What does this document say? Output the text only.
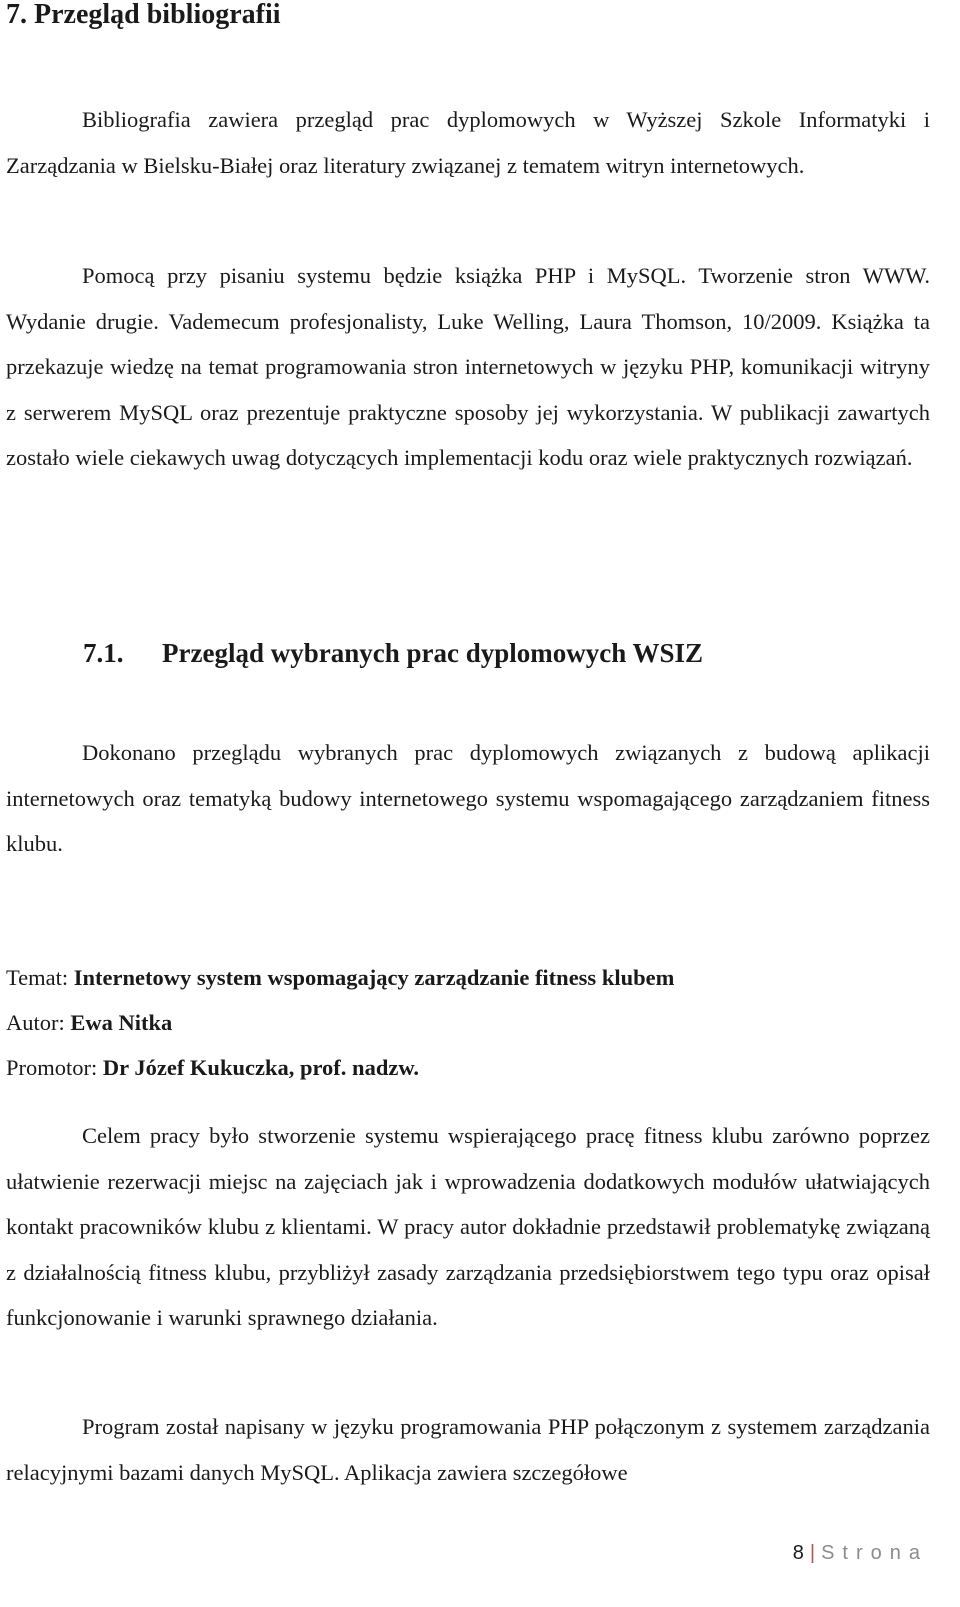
7. Przegląd bibliografii

Bibliografia zawiera przegląd prac dyplomowych w Wyższej Szkole Informatyki i Zarządzania w Bielsku-Białej oraz literatury związanej z tematem witryn internetowych.

Pomocą przy pisaniu systemu będzie książka PHP i MySQL. Tworzenie stron WWW. Wydanie drugie. Vademecum profesjonalisty, Luke Welling, Laura Thomson, 10/2009. Książka ta przekazuje wiedzę na temat programowania stron internetowych w języku PHP, komunikacji witryny z serwerem MySQL oraz prezentuje praktyczne sposoby jej wykorzystania. W publikacji zawartych zostało wiele ciekawych uwag dotyczących implementacji kodu oraz wiele praktycznych rozwiązań.

7.1. Przegląd wybranych prac dyplomowych WSIZ

Dokonano przeglądu wybranych prac dyplomowych związanych z budową aplikacji internetowych oraz tematyką budowy internetowego systemu wspomagającego zarządzaniem fitness klubu.

Temat: Internetowy system wspomagający zarządzanie fitness klubem
Autor: Ewa Nitka
Promotor: Dr Józef Kukuczka, prof. nadzw.

Celem pracy było stworzenie systemu wspierającego pracę fitness klubu zarówno poprzez ułatwienie rezerwacji miejsc na zajęciach jak i wprowadzenia dodatkowych modułów ułatwiających kontakt pracowników klubu z klientami. W pracy autor dokładnie przedstawił problematykę związaną z działalnością fitness klubu, przybliżył zasady zarządzania przedsiębiorstwem tego typu oraz opisał funkcjonowanie i warunki sprawnego działania.

Program został napisany w języku programowania PHP połączonym z systemem zarządzania relacyjnymi bazami danych MySQL. Aplikacja zawiera szczegółowe

8 | Strona
